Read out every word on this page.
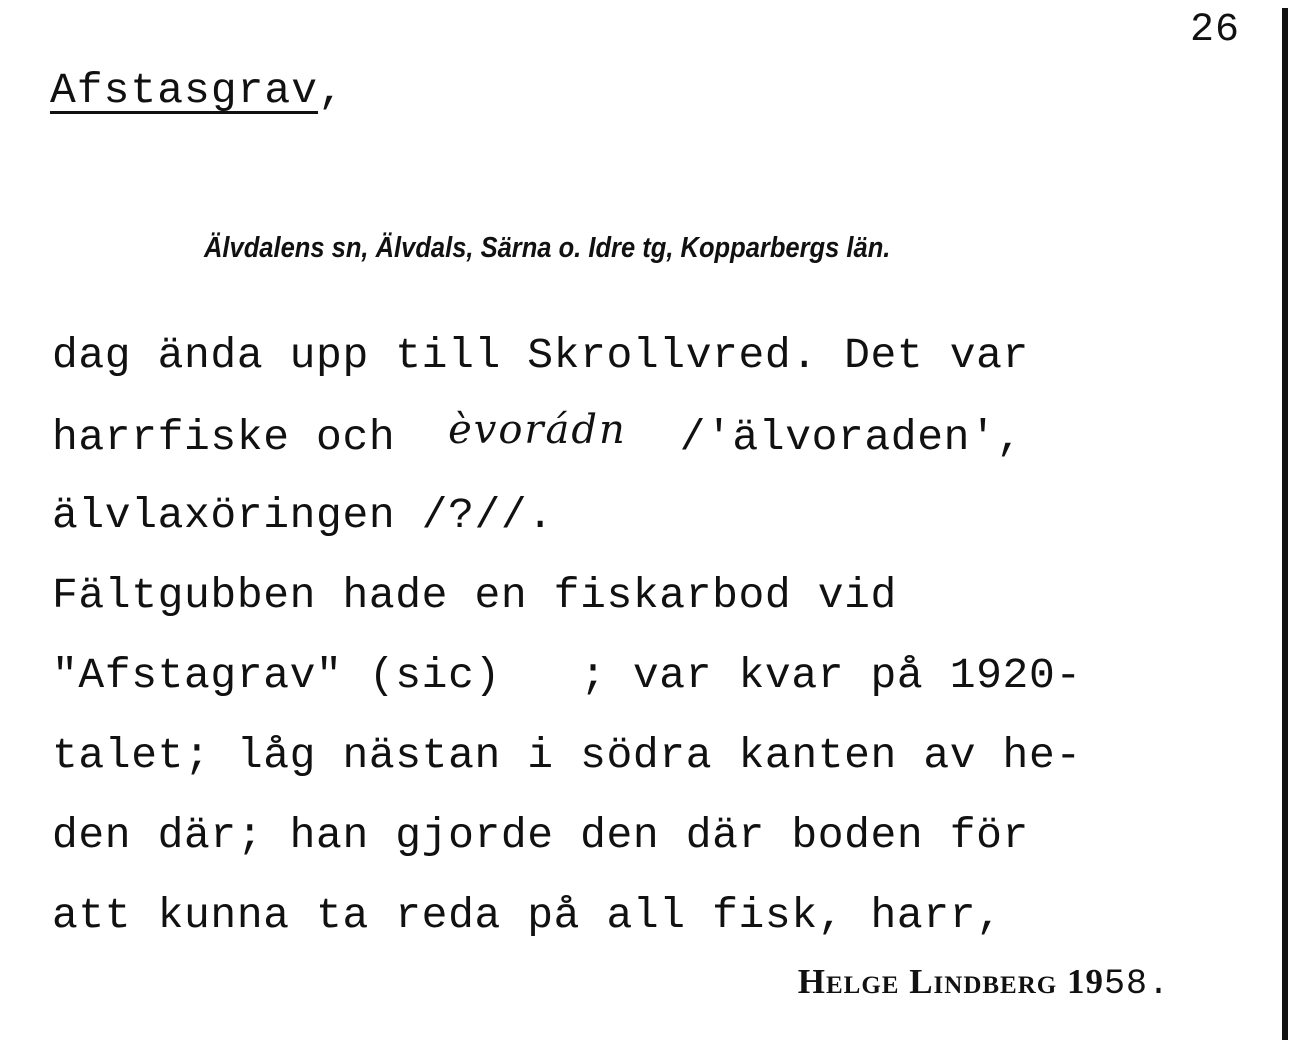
26
Afstasgrav,
Älvdalens sn, Älvdals, Särna o. Idre tg, Kopparbergs län.
dag ända upp till Skrollvred. Det var
harrfiske och  èvorádn  /'älvoraden',
älvlaxöringen /?//.
Fältgubben hade en fiskarbod vid
"Afstagrav" (sic)   ; var kvar på 1920-
talet; låg nästan i södra kanten av he-
den där; han gjorde den där boden för
att kunna ta reda på all fisk, harr,
Helge Lindberg 1958.
